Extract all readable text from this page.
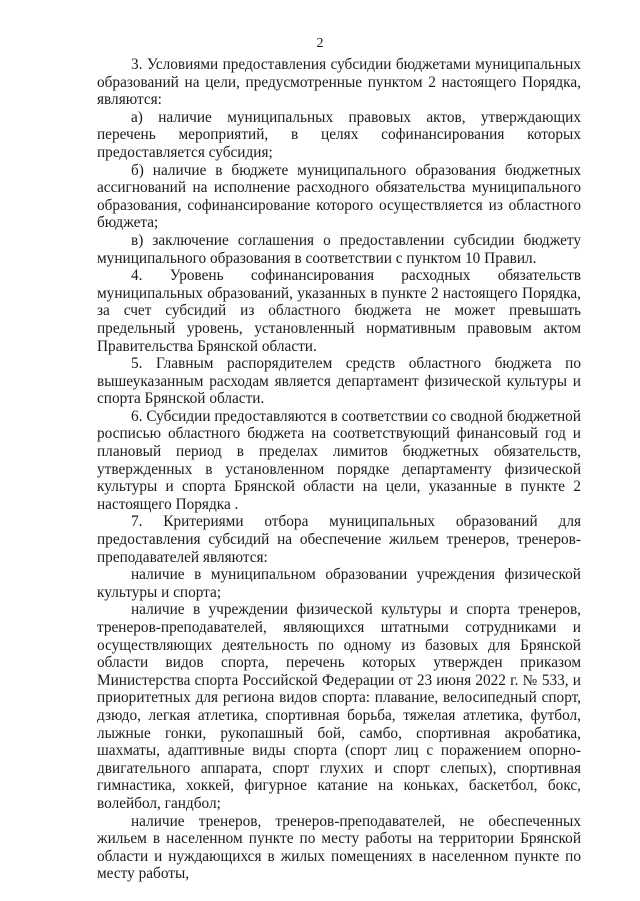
2

3. Условиями предоставления субсидии бюджетами муниципальных образований на цели, предусмотренные пунктом 2 настоящего Порядка, являются:

а) наличие муниципальных правовых актов, утверждающих перечень мероприятий, в целях софинансирования которых предоставляется субсидия;

б) наличие в бюджете муниципального образования бюджетных ассигнований на исполнение расходного обязательства муниципального образования, софинансирование которого осуществляется из областного бюджета;

в) заключение соглашения о предоставлении субсидии бюджету муниципального образования в соответствии с пунктом 10 Правил.

4. Уровень софинансирования расходных обязательств муниципальных образований, указанных в пункте 2 настоящего Порядка, за счет субсидий из областного бюджета не может превышать предельный уровень, установленный нормативным правовым актом Правительства Брянской области.

5. Главным распорядителем средств областного бюджета по вышеуказанным расходам является департамент физической культуры и спорта Брянской области.

6. Субсидии предоставляются в соответствии со сводной бюджетной росписью областного бюджета на соответствующий финансовый год и плановый период в пределах лимитов бюджетных обязательств, утвержденных в установленном порядке департаменту физической культуры и спорта Брянской области на цели, указанные в пункте 2 настоящего Порядка .

7. Критериями отбора муниципальных образований для предоставления субсидий на обеспечение жильем тренеров, тренеров-преподавателей являются:

наличие в муниципальном образовании учреждения физической культуры и спорта;

наличие в учреждении физической культуры и спорта тренеров, тренеров-преподавателей, являющихся штатными сотрудниками и осуществляющих деятельность по одному из базовых для Брянской области видов спорта, перечень которых утвержден приказом Министерства спорта Российской Федерации от 23 июня 2022 г. № 533, и приоритетных для региона видов спорта: плавание, велосипедный спорт, дзюдо, легкая атлетика, спортивная борьба, тяжелая атлетика, футбол, лыжные гонки, рукопашный бой, самбо, спортивная акробатика, шахматы, адаптивные виды спорта (спорт лиц с поражением опорно-двигательного аппарата, спорт глухих и спорт слепых), спортивная гимнастика, хоккей, фигурное катание на коньках, баскетбол, бокс, волейбол, гандбол;

наличие тренеров, тренеров-преподавателей, не обеспеченных жильем в населенном пункте по месту работы на территории Брянской области и нуждающихся в жилых помещениях в населенном пункте по месту работы,
